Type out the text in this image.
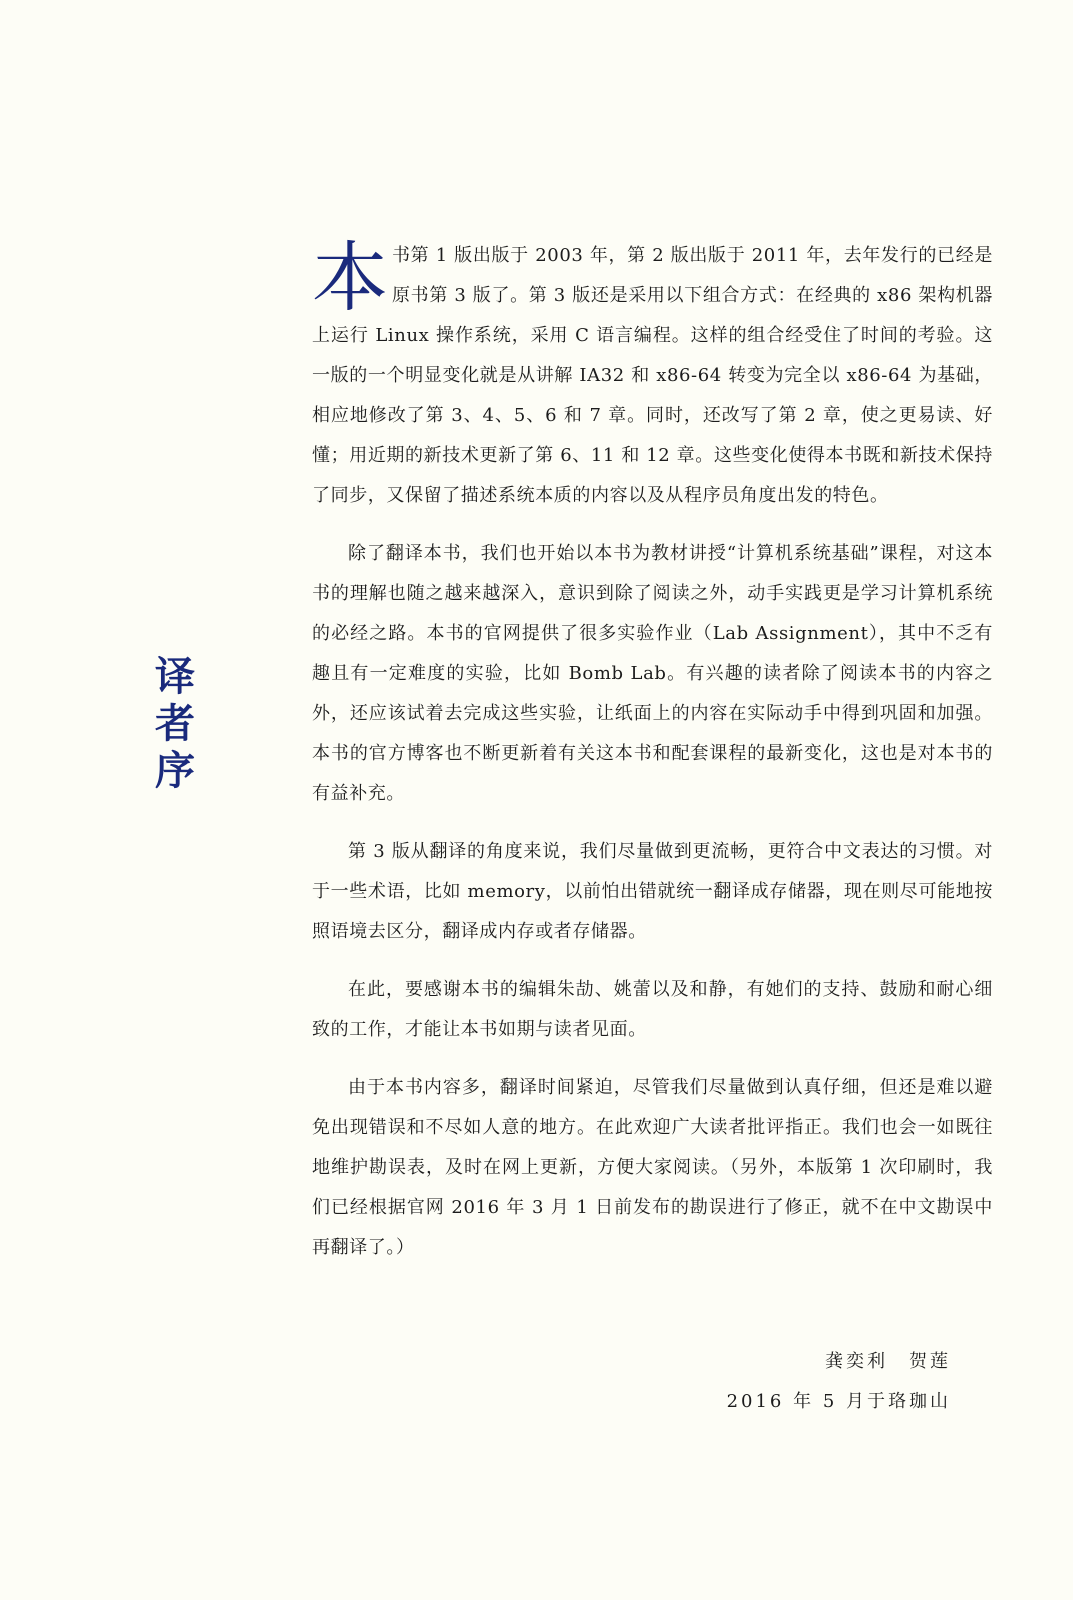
译
者
序

本书第 1 版出版于 2003 年，第 2 版出版于 2011 年，去年发行的已经是原书第 3 版了。第 3 版还是采用以下组合方式：在经典的 x86 架构机器上运行 Linux 操作系统，采用 C 语言编程。这样的组合经受住了时间的考验。这一版的一个明显变化就是从讲解 IA32 和 x86-64 转变为完全以 x86-64 为基础，相应地修改了第 3、4、5、6 和 7 章。同时，还改写了第 2 章，使之更易读、好懂；用近期的新技术更新了第 6、11 和 12 章。这些变化使得本书既和新技术保持了同步，又保留了描述系统本质的内容以及从程序员角度出发的特色。

除了翻译本书，我们也开始以本书为教材讲授“计算机系统基础”课程，对这本书的理解也随之越来越深入，意识到除了阅读之外，动手实践更是学习计算机系统的必经之路。本书的官网提供了很多实验作业（Lab Assignment），其中不乏有趣且有一定难度的实验，比如 Bomb Lab。有兴趣的读者除了阅读本书的内容之外，还应该试着去完成这些实验，让纸面上的内容在实际动手中得到巩固和加强。本书的官方博客也不断更新着有关这本书和配套课程的最新变化，这也是对本书的有益补充。

第 3 版从翻译的角度来说，我们尽量做到更流畅，更符合中文表达的习惯。对于一些术语，比如 memory，以前怕出错就统一翻译成存储器，现在则尽可能地按照语境去区分，翻译成内存或者存储器。

在此，要感谢本书的编辑朱劼、姚蕾以及和静，有她们的支持、鼓励和耐心细致的工作，才能让本书如期与读者见面。

由于本书内容多，翻译时间紧迫，尽管我们尽量做到认真仔细，但还是难以避免出现错误和不尽如人意的地方。在此欢迎广大读者批评指正。我们也会一如既往地维护勘误表，及时在网上更新，方便大家阅读。（另外，本版第 1 次印刷时，我们已经根据官网 2016 年 3 月 1 日前发布的勘误进行了修正，就不在中文勘误中再翻译了。）

龚奕利　贺莲
2016 年 5 月于珞珈山
